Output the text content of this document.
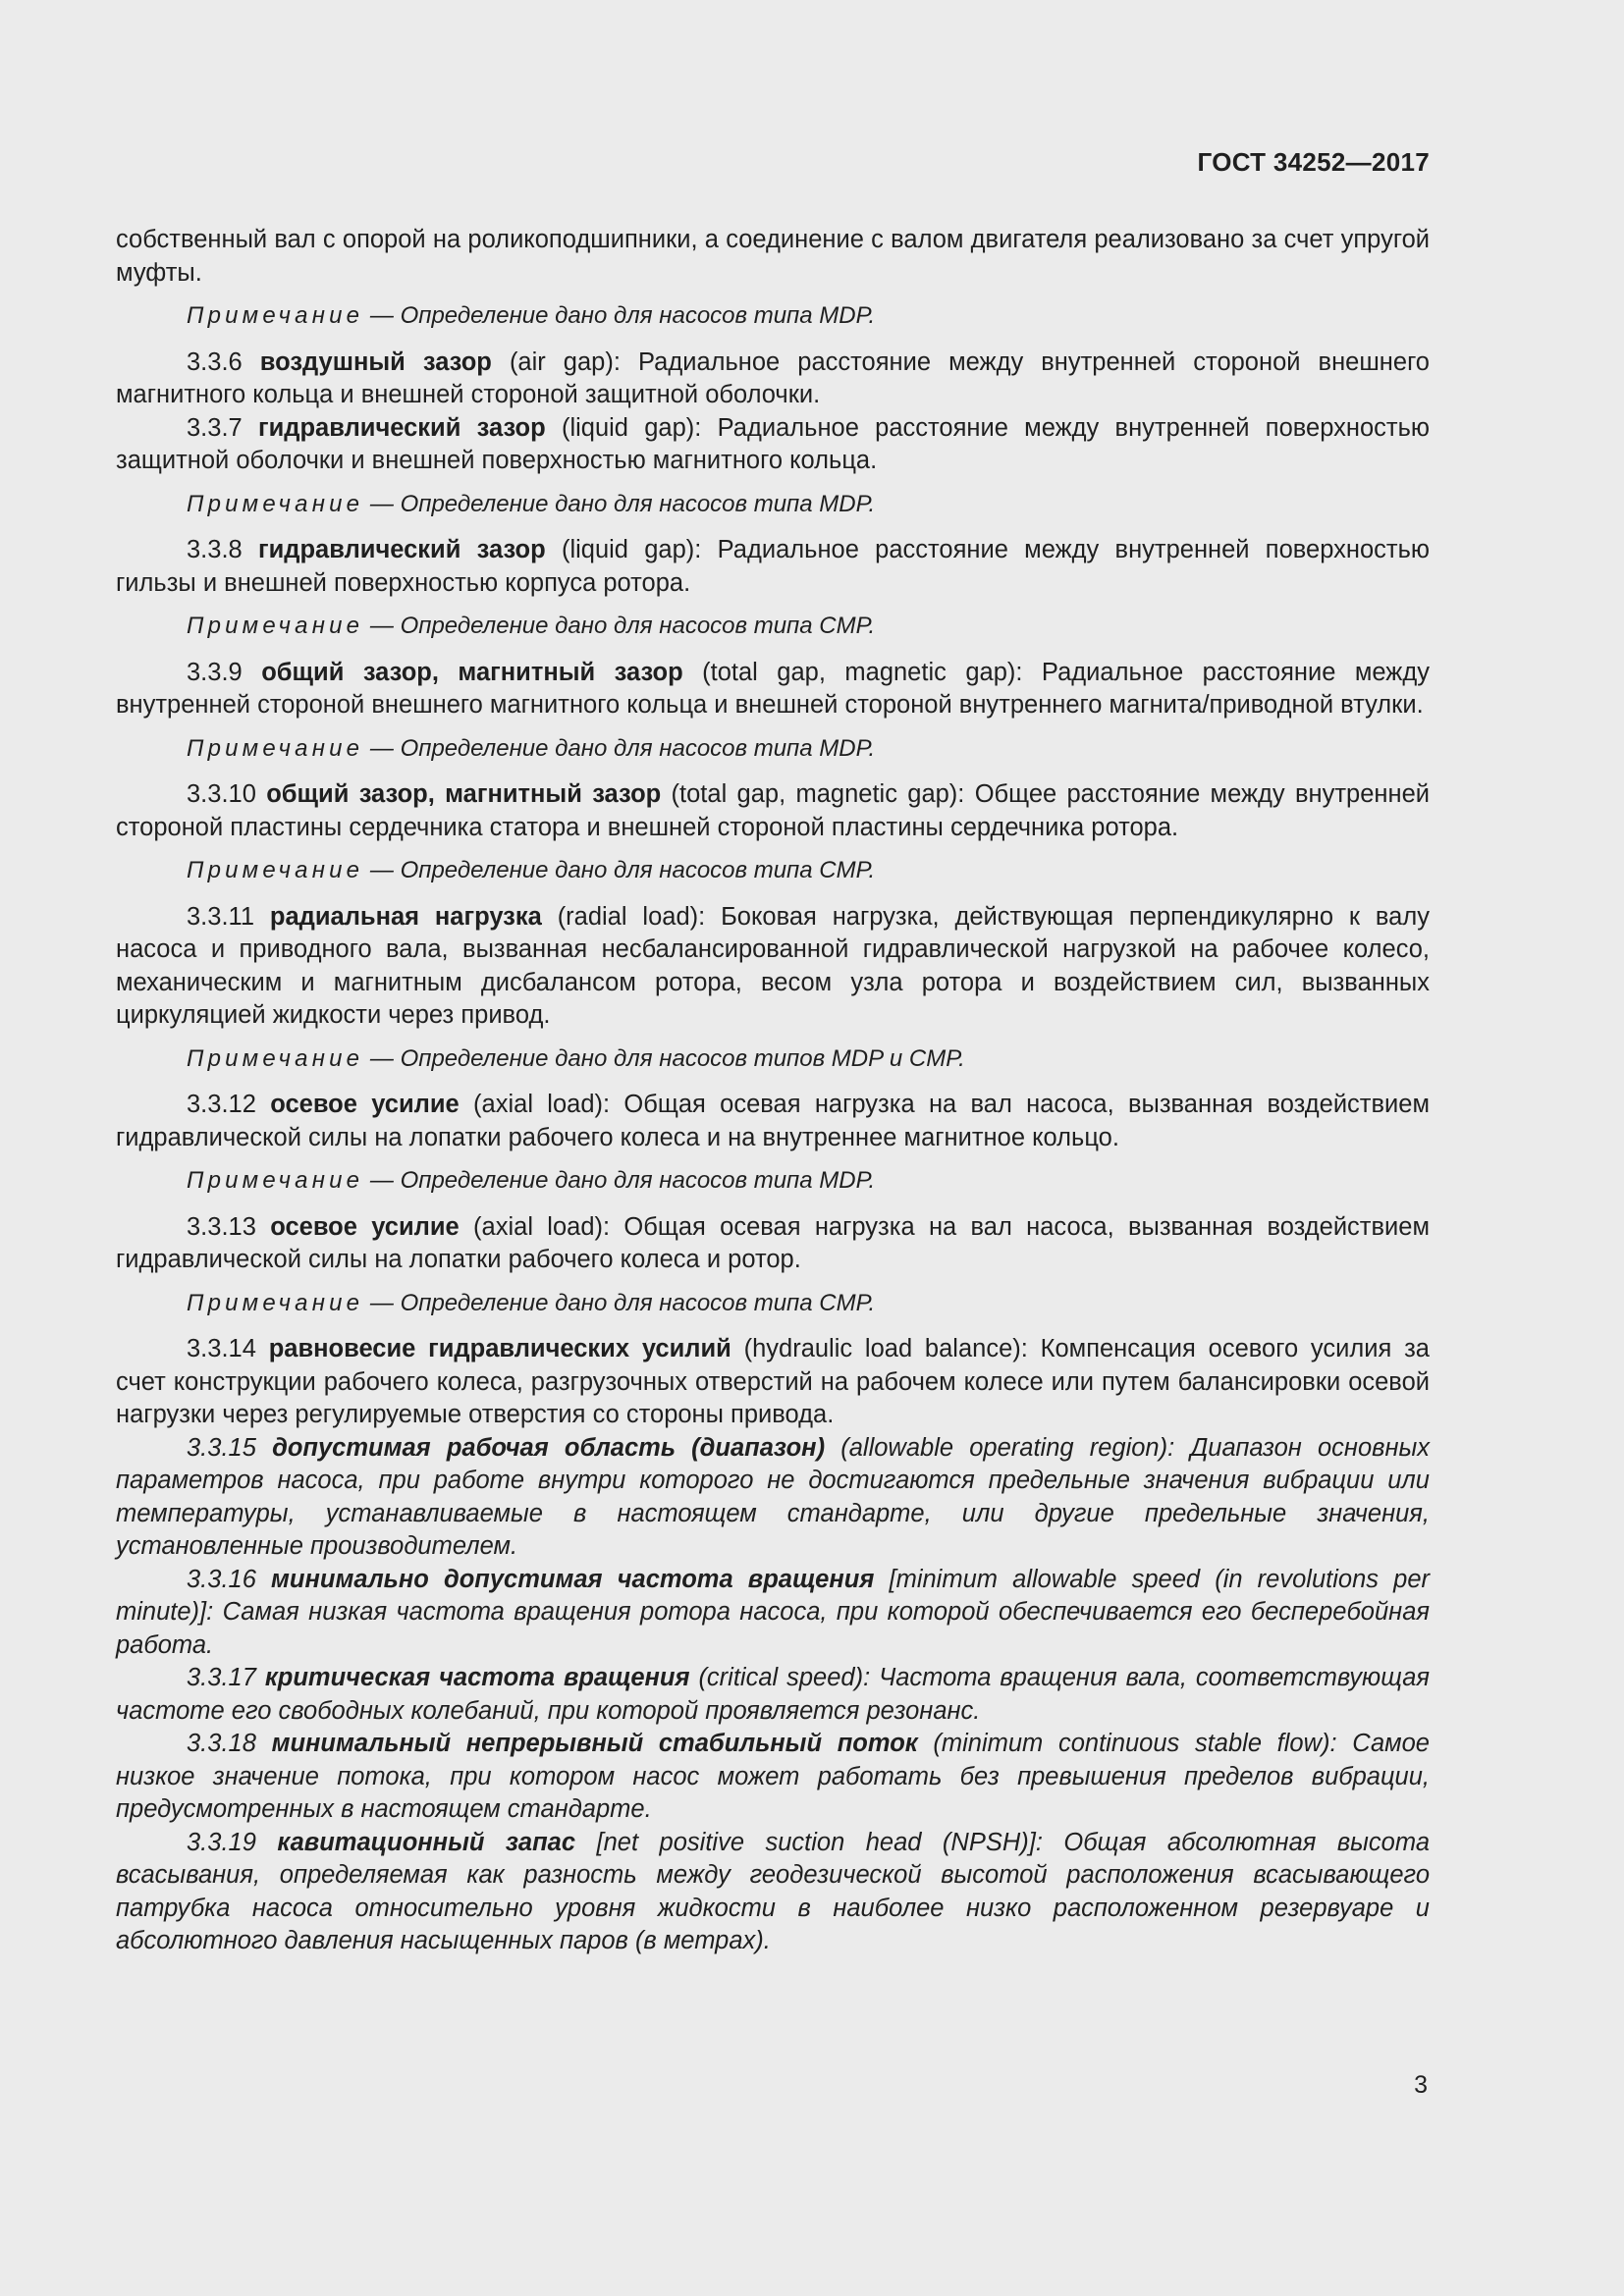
ГОСТ 34252—2017

собственный вал с опорой на роликоподшипники, а соединение с валом двигателя реализовано за счет упругой муфты.

Примечание — Определение дано для насосов типа MDP.

3.3.6 воздушный зазор (air gap): Радиальное расстояние между внутренней стороной внешнего магнитного кольца и внешней стороной защитной оболочки.

3.3.7 гидравлический зазор (liquid gap): Радиальное расстояние между внутренней поверхностью защитной оболочки и внешней поверхностью магнитного кольца.

Примечание — Определение дано для насосов типа MDP.

3.3.8 гидравлический зазор (liquid gap): Радиальное расстояние между внутренней поверхностью гильзы и внешней поверхностью корпуса ротора.

Примечание — Определение дано для насосов типа CMP.

3.3.9 общий зазор, магнитный зазор (total gap, magnetic gap): Радиальное расстояние между внутренней стороной внешнего магнитного кольца и внешней стороной внутреннего магнита/приводной втулки.

Примечание — Определение дано для насосов типа MDP.

3.3.10 общий зазор, магнитный зазор (total gap, magnetic gap): Общее расстояние между внутренней стороной пластины сердечника статора и внешней стороной пластины сердечника ротора.

Примечание — Определение дано для насосов типа CMP.

3.3.11 радиальная нагрузка (radial load): Боковая нагрузка, действующая перпендикулярно к валу насоса и приводного вала, вызванная несбалансированной гидравлической нагрузкой на рабочее колесо, механическим и магнитным дисбалансом ротора, весом узла ротора и воздействием сил, вызванных циркуляцией жидкости через привод.

Примечание — Определение дано для насосов типов MDP и CMP.

3.3.12 осевое усилие (axial load): Общая осевая нагрузка на вал насоса, вызванная воздействием гидравлической силы на лопатки рабочего колеса и на внутреннее магнитное кольцо.

Примечание — Определение дано для насосов типа MDP.

3.3.13 осевое усилие (axial load): Общая осевая нагрузка на вал насоса, вызванная воздействием гидравлической силы на лопатки рабочего колеса и ротор.

Примечание — Определение дано для насосов типа CMP.

3.3.14 равновесие гидравлических усилий (hydraulic load balance): Компенсация осевого усилия за счет конструкции рабочего колеса, разгрузочных отверстий на рабочем колесе или путем балансировки осевой нагрузки через регулируемые отверстия со стороны привода.

3.3.15 допустимая рабочая область (диапазон) (allowable operating region): Диапазон основных параметров насоса, при работе внутри которого не достигаются предельные значения вибрации или температуры, устанавливаемые в настоящем стандарте, или другие предельные значения, установленные производителем.

3.3.16 минимально допустимая частота вращения [minimum allowable speed (in revolutions per minute)]: Самая низкая частота вращения ротора насоса, при которой обеспечивается его бесперебойная работа.

3.3.17 критическая частота вращения (critical speed): Частота вращения вала, соответствующая частоте его свободных колебаний, при которой проявляется резонанс.

3.3.18 минимальный непрерывный стабильный поток (minimum continuous stable flow): Самое низкое значение потока, при котором насос может работать без превышения пределов вибрации, предусмотренных в настоящем стандарте.

3.3.19 кавитационный запас [net positive suction head (NPSH)]: Общая абсолютная высота всасывания, определяемая как разность между геодезической высотой расположения всасывающего патрубка насоса относительно уровня жидкости в наиболее низко расположенном резервуаре и абсолютного давления насыщенных паров (в метрах).

3
